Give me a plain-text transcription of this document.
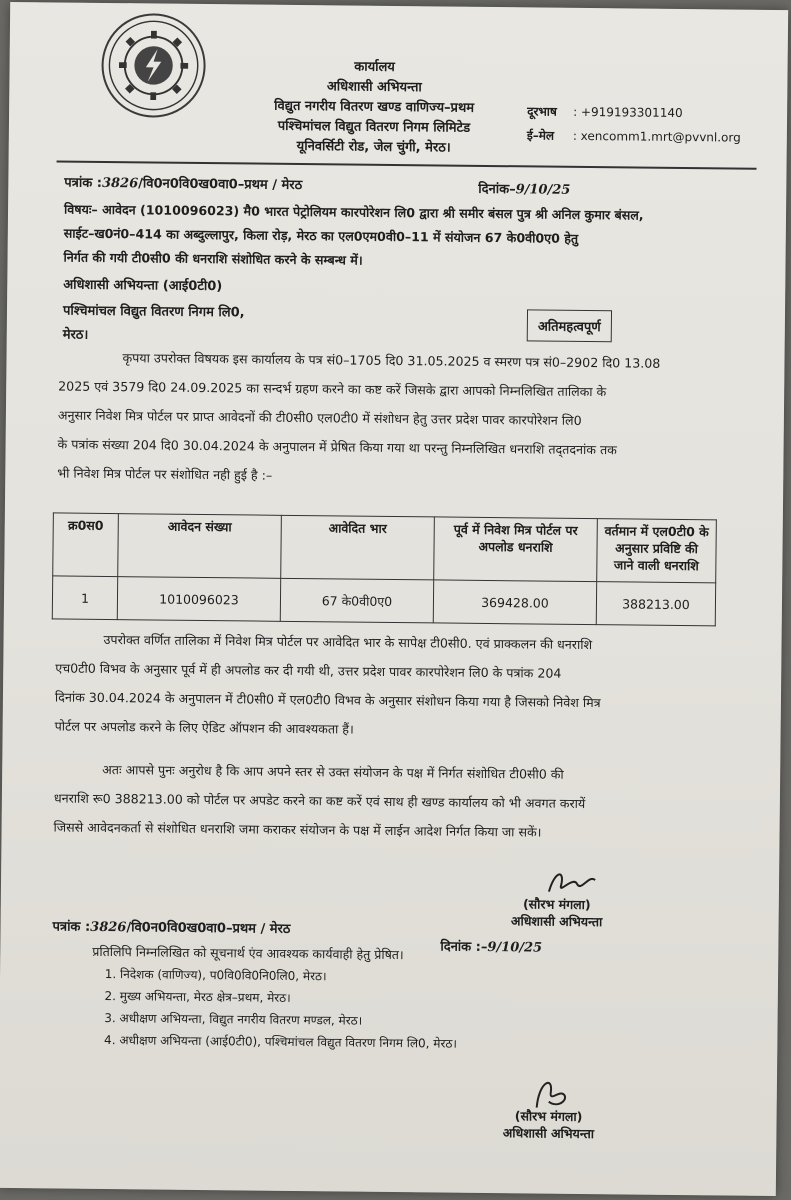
कार्यालय
अधिशासी अभियन्ता
विद्युत नगरीय वितरण खण्ड वाणिज्य–प्रथम
पश्चिमांचल विद्युत वितरण निगम लिमिटेड
यूनिवर्सिटी रोड, जेल चुंगी, मेरठ।
दूरभाष : +919193301140
ई–मेल : xencomm1.mrt@pvvnl.org
पत्रांक :3826/वि0न0वि0ख0वा0–प्रथम / मेरठ	दिनांक–9/10/25
विषयः– आवेदन (1010096023) मै0 भारत पेट्रोलियम कारपोरेशन लि0 द्वारा श्री समीर बंसल पुत्र श्री अनिल कुमार बंसल,
साईट–ख0नं0–414 का अब्दुल्लापुर, किला रोड़, मेरठ का एल0एम0वी0–11 में संयोजन 67 के0वी0ए0 हेतु
निर्गत की गयी टी0सी0 की धनराशि संशोधित करने के सम्बन्ध में।
अधिशासी अभियन्ता (आई0टी0)
पश्चिमांचल विद्युत वितरण निगम लि0,
मेरठ।
अतिमहत्वपूर्ण
कृपया उपरोक्त विषयक इस कार्यालय के पत्र सं0–1705 दि0 31.05.2025 व स्मरण पत्र सं0–2902 दि0 13.08
2025 एवं 3579 दि0 24.09.2025 का सन्दर्भ ग्रहण करने का कष्ट करें जिसके द्वारा आपको निम्नलिखित तालिका के
अनुसार निवेश मित्र पोर्टल पर प्राप्त आवेदनों की टी0सी0 एल0टी0 में संशोधन हेतु उत्तर प्रदेश पावर कारपोरेशन लि0
के पत्रांक संख्या 204 दि0 30.04.2024 के अनुपालन में प्रेषित किया गया था परन्तु निम्नलिखित धनराशि तद्तदनांक तक
भी निवेश मित्र पोर्टल पर संशोधित नही हुई है :–
क्र0स0	आवेदन संख्या	आवेदित भार	पूर्व में निवेश मित्र पोर्टल पर अपलोड धनराशि	वर्तमान में एल0टी0 के अनुसार प्रविष्टि की जाने वाली धनराशि
1	1010096023	67 के0वी0ए0	369428.00	388213.00
उपरोक्त वर्णित तालिका में निवेश मित्र पोर्टल पर आवेदित भार के सापेक्ष टी0सी0. एवं प्राक्कलन की धनराशि
एच0टी0 विभव के अनुसार पूर्व में ही अपलोड कर दी गयी थी, उत्तर प्रदेश पावर कारपोरेशन लि0 के पत्रांक 204
दिनांक 30.04.2024 के अनुपालन में टी0सी0 में एल0टी0 विभव के अनुसार संशोधन किया गया है जिसको निवेश मित्र
पोर्टल पर अपलोड करने के लिए ऐडिट ऑपशन की आवश्यकता हैं।
अतः आपसे पुनः अनुरोध है कि आप अपने स्तर से उक्त संयोजन के पक्ष में निर्गत संशोधित टी0सी0 की
धनराशि रू0 388213.00 को पोर्टल पर अपडेट करने का कष्ट करें एवं साथ ही खण्ड कार्यालय को भी अवगत करायें
जिससे आवेदनकर्ता से संशोधित धनराशि जमा कराकर संयोजन के पक्ष में लाईन आदेश निर्गत किया जा सकें।
(सौरभ मंगला)
अधिशासी अभियन्ता
पत्रांक :3826/वि0न0वि0ख0वा0–प्रथम / मेरठ
दिनांक :–9/10/25
प्रतिलिपि निम्नलिखित को सूचनार्थ एंव आवश्यक कार्यवाही हेतु प्रेषित।
1. निदेशक (वाणिज्य), प0वि0वि0नि0लि0, मेरठ।
2. मुख्य अभियन्ता, मेरठ क्षेत्र–प्रथम, मेरठ।
3. अधीक्षण अभियन्ता, विद्युत नगरीय वितरण मण्डल, मेरठ।
4. अधीक्षण अभियन्ता (आई0टी0), पश्चिमांचल विद्युत वितरण निगम लि0, मेरठ।
(सौरभ मंगला)
अधिशासी अभियन्ता
